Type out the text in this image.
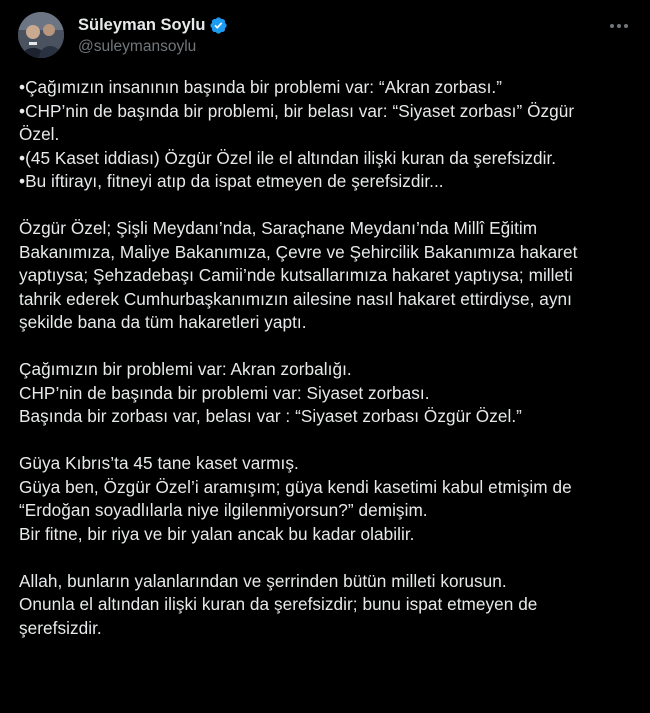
Süleyman Soylu
@suleymansoylu
•Çağımızın insanının başında bir problemi var: “Akran zorbası.”
•CHP’nin de başında bir problemi, bir belası var: “Siyaset zorbası” Özgür
Özel.
•(45 Kaset iddiası) Özgür Özel ile el altından ilişki kuran da şerefsizdir.
•Bu iftirayı, fitneyi atıp da ispat etmeyen de şerefsizdir...
Özgür Özel; Şişli Meydanı’nda, Saraçhane Meydanı’nda Millî Eğitim
Bakanımıza, Maliye Bakanımıza, Çevre ve Şehircilik Bakanımıza hakaret
yaptıysa; Şehzadebaşı Camii’nde kutsallarımıza hakaret yaptıysa; milleti
tahrik ederek Cumhurbaşkanımızın ailesine nasıl hakaret ettirdiyse, aynı
şekilde bana da tüm hakaretleri yaptı.
Çağımızın bir problemi var: Akran zorbalığı.
CHP’nin de başında bir problemi var: Siyaset zorbası.
Başında bir zorbası var, belası var : “Siyaset zorbası Özgür Özel.”
Güya Kıbrıs’ta 45 tane kaset varmış.
Güya ben, Özgür Özel’i aramışım; güya kendi kasetimi kabul etmişim de
“Erdoğan soyadlılarla niye ilgilenmiyorsun?” demişim.
Bir fitne, bir riya ve bir yalan ancak bu kadar olabilir.
Allah, bunların yalanlarından ve şerrinden bütün milleti korusun.
Onunla el altından ilişki kuran da şerefsizdir; bunu ispat etmeyen de
şerefsizdir.
